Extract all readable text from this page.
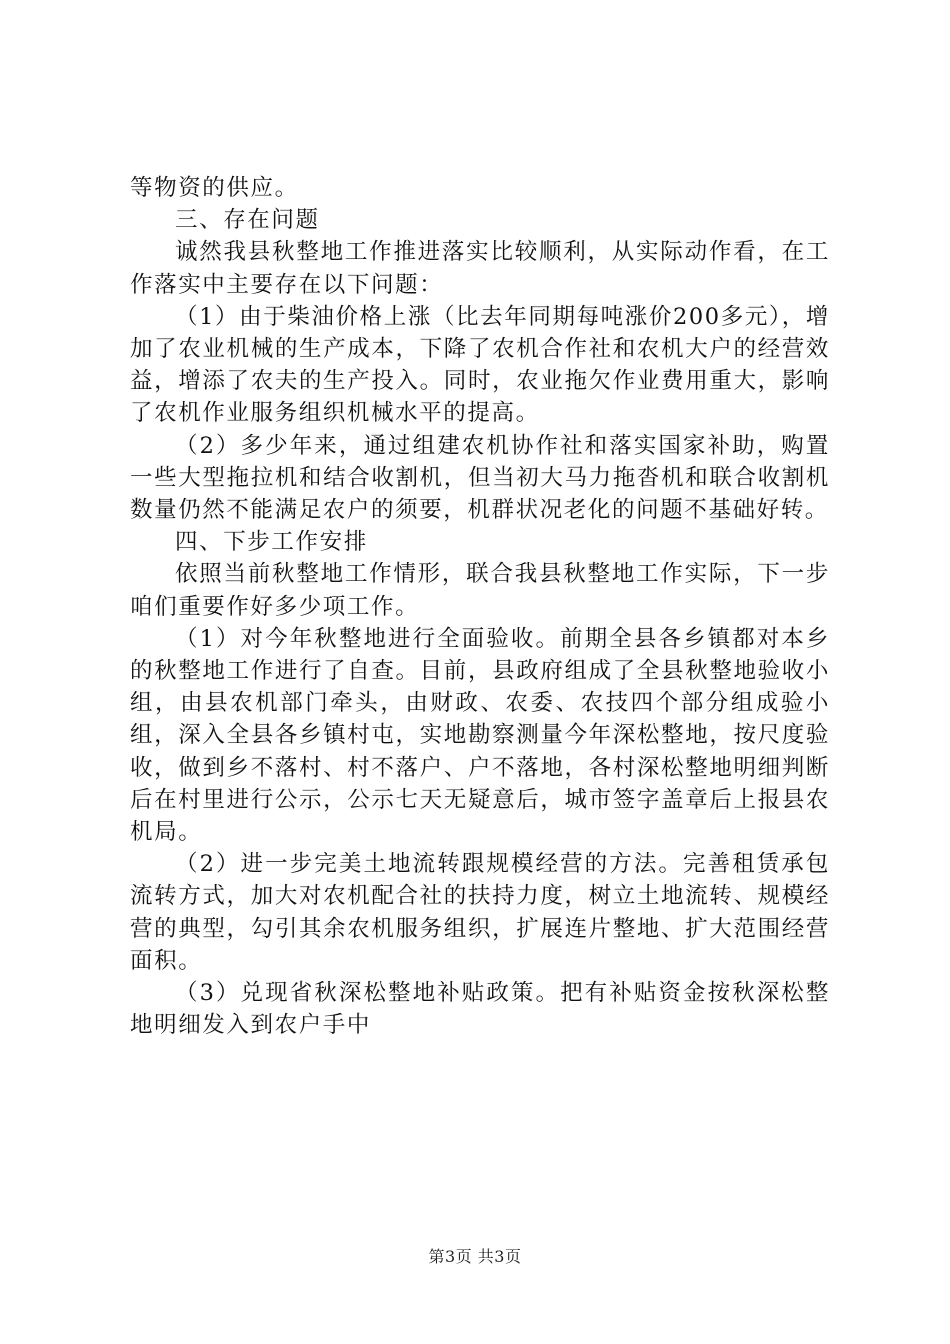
等物资的供应。

三、存在问题

诚然我县秋整地工作推进落实比较顺利，从实际动作看，在工作落实中主要存在以下问题：

（1）由于柴油价格上涨（比去年同期每吨涨价200多元），增加了农业机械的生产成本，下降了农机合作社和农机大户的经营效益，增添了农夫的生产投入。同时，农业拖欠作业费用重大，影响了农机作业服务组织机械水平的提高。

（2）多少年来，通过组建农机协作社和落实国家补助，购置一些大型拖拉机和结合收割机，但当初大马力拖沓机和联合收割机数量仍然不能满足农户的须要，机群状况老化的问题不基础好转。

四、下步工作安排

依照当前秋整地工作情形，联合我县秋整地工作实际，下一步咱们重要作好多少项工作。

（1）对今年秋整地进行全面验收。前期全县各乡镇都对本乡的秋整地工作进行了自查。目前，县政府组成了全县秋整地验收小组，由县农机部门牵头，由财政、农委、农技四个部分组成验小组，深入全县各乡镇村屯，实地勘察测量今年深松整地，按尺度验收，做到乡不落村、村不落户、户不落地，各村深松整地明细判断后在村里进行公示，公示七天无疑意后，城市签字盖章后上报县农机局。

（2）进一步完美土地流转跟规模经营的方法。完善租赁承包流转方式，加大对农机配合社的扶持力度，树立土地流转、规模经营的典型，勾引其余农机服务组织，扩展连片整地、扩大范围经营面积。

（3）兑现省秋深松整地补贴政策。把有补贴资金按秋深松整地明细发入到农户手中

第3页 共3页
